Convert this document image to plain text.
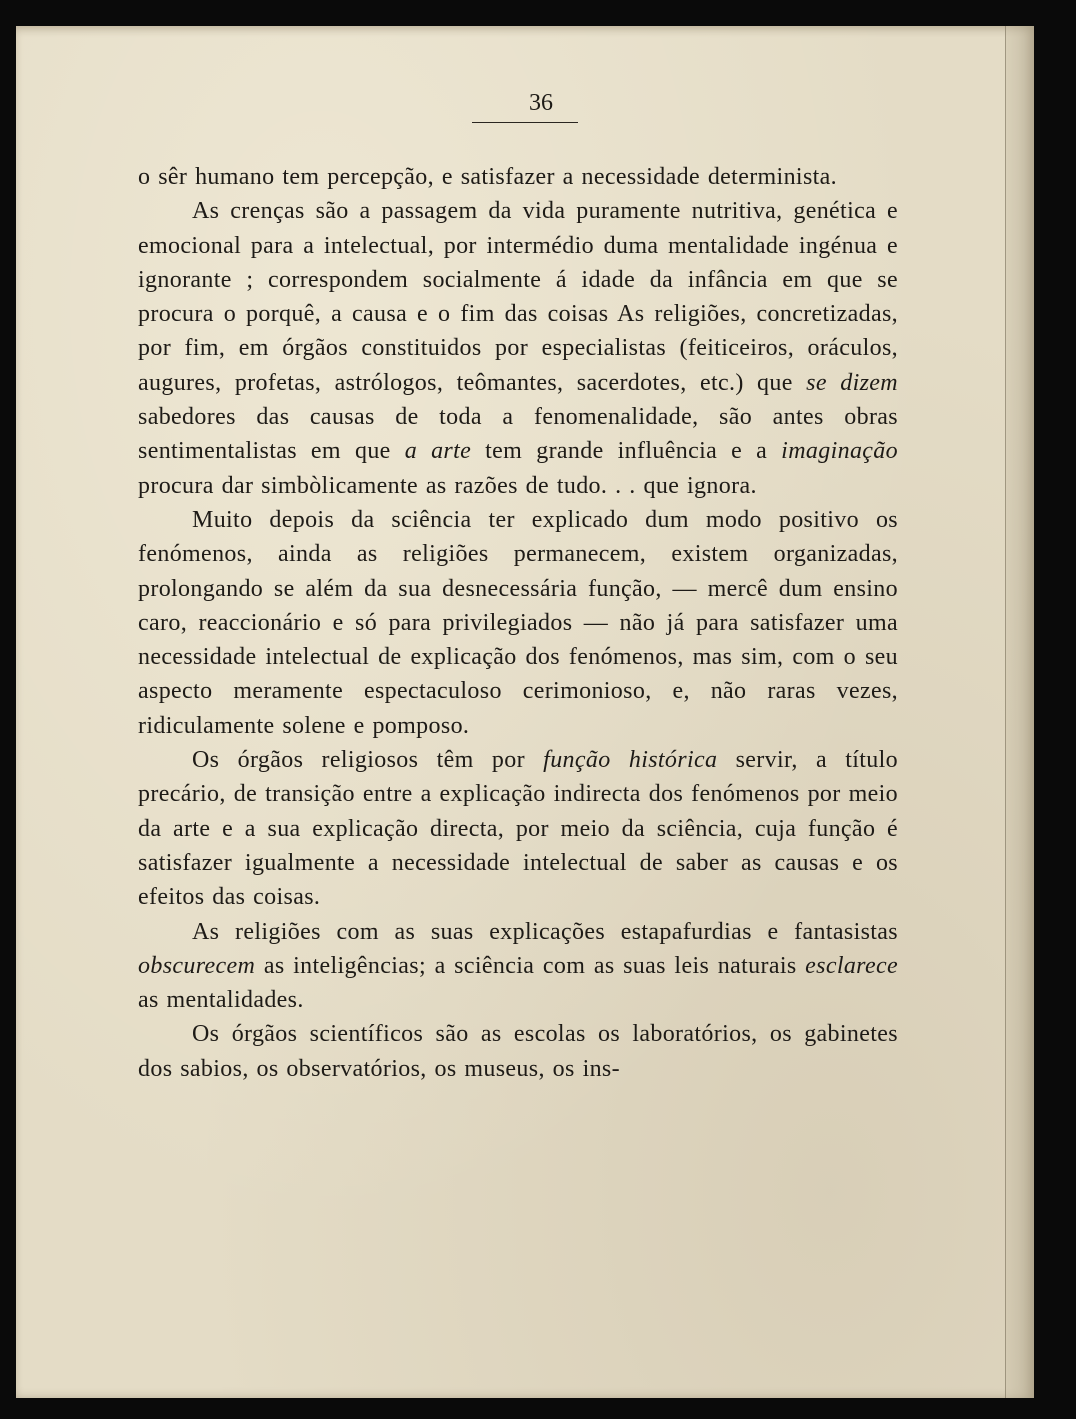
36

o sêr humano tem percepção, e satisfazer a necessidade determinista.

As crenças são a passagem da vida puramente nutritiva, genética e emocional para a intelectual, por intermédio duma mentalidade ingénua e ignorante ; correspondem socialmente á idade da infância em que se procura o porquê, a causa e o fim das coisas As religiões, concretizadas, por fim, em órgãos constituidos por especialistas (feiticeiros, oráculos, augures, profetas, astrólogos, teômantes, sacerdotes, etc.) que se dizem sabedores das causas de toda a fenomenalidade, são antes obras sentimentalistas em que a arte tem grande influência e a imaginação procura dar simbòlicamente as razões de tudo. . . que ignora.

Muito depois da sciência ter explicado dum modo positivo os fenómenos, ainda as religiões permanecem, existem organizadas, prolongando se além da sua desnecessária função, — mercê dum ensino caro, reaccionário e só para privilegiados — não já para satisfazer uma necessidade intelectual de explicação dos fenómenos, mas sim, com o seu aspecto meramente espectaculoso cerimonioso, e, não raras vezes, ridiculamente solene e pomposo.

Os órgãos religiosos têm por função histórica servir, a título precário, de transição entre a explicação indirecta dos fenómenos por meio da arte e a sua explicação directa, por meio da sciência, cuja função é satisfazer igualmente a necessidade intelectual de saber as causas e os efeitos das coisas.

As religiões com as suas explicações estapafurdias e fantasistas obscurecem as inteligências; a sciência com as suas leis naturais esclarece as mentalidades.

Os órgãos scientíficos são as escolas os laboratórios, os gabinetes dos sabios, os observatórios, os museus, os ins-
